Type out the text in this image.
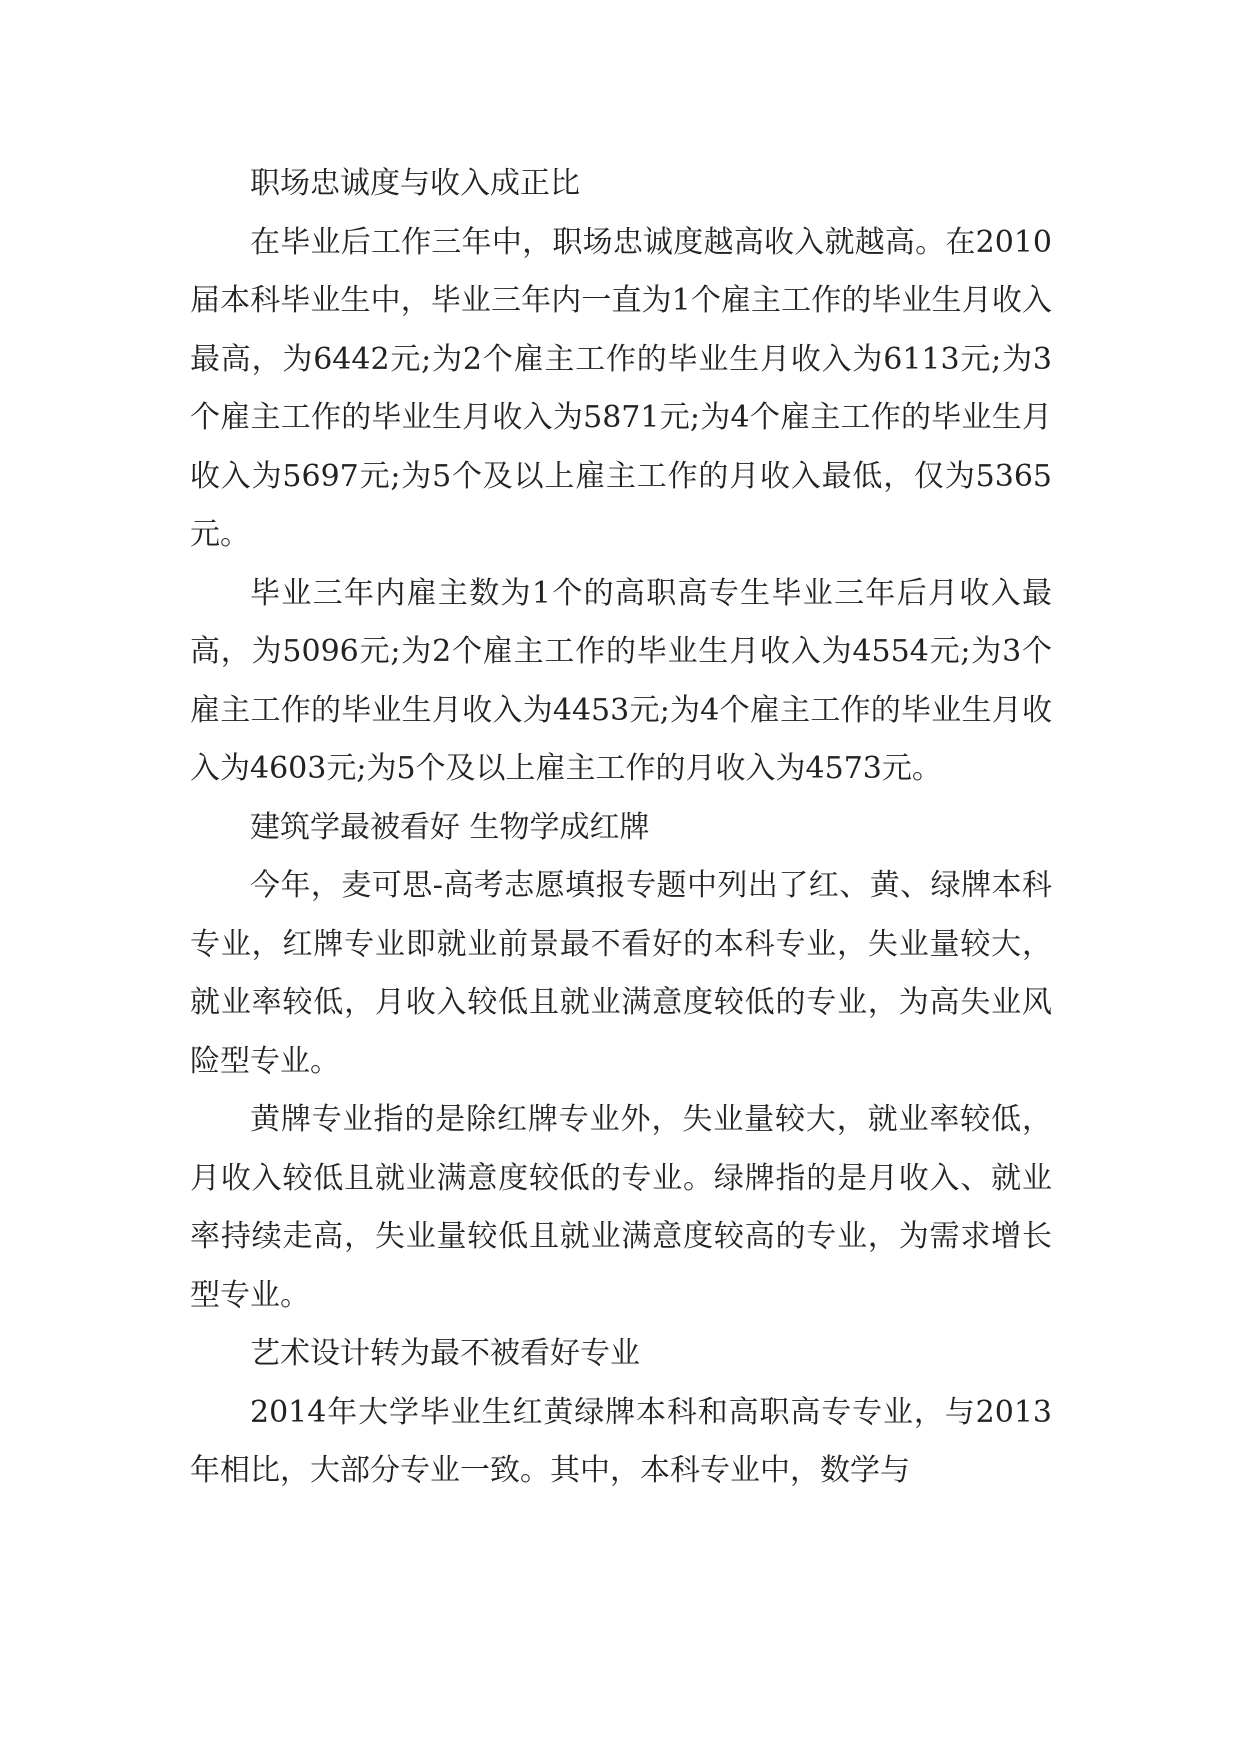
职场忠诚度与收入成正比

在毕业后工作三年中，职场忠诚度越高收入就越高。在2010届本科毕业生中，毕业三年内一直为1个雇主工作的毕业生月收入最高，为6442元;为2个雇主工作的毕业生月收入为6113元;为3个雇主工作的毕业生月收入为5871元;为4个雇主工作的毕业生月收入为5697元;为5个及以上雇主工作的月收入最低，仅为5365元。

毕业三年内雇主数为1个的高职高专生毕业三年后月收入最高，为5096元;为2个雇主工作的毕业生月收入为4554元;为3个雇主工作的毕业生月收入为4453元;为4个雇主工作的毕业生月收入为4603元;为5个及以上雇主工作的月收入为4573元。

建筑学最被看好 生物学成红牌

今年，麦可思-高考志愿填报专题中列出了红、黄、绿牌本科专业，红牌专业即就业前景最不看好的本科专业，失业量较大，就业率较低，月收入较低且就业满意度较低的专业，为高失业风险型专业。

黄牌专业指的是除红牌专业外，失业量较大，就业率较低，月收入较低且就业满意度较低的专业。绿牌指的是月收入、就业率持续走高，失业量较低且就业满意度较高的专业，为需求增长型专业。

艺术设计转为最不被看好专业

2014年大学毕业生红黄绿牌本科和高职高专专业，与2013年相比，大部分专业一致。其中，本科专业中，数学与
